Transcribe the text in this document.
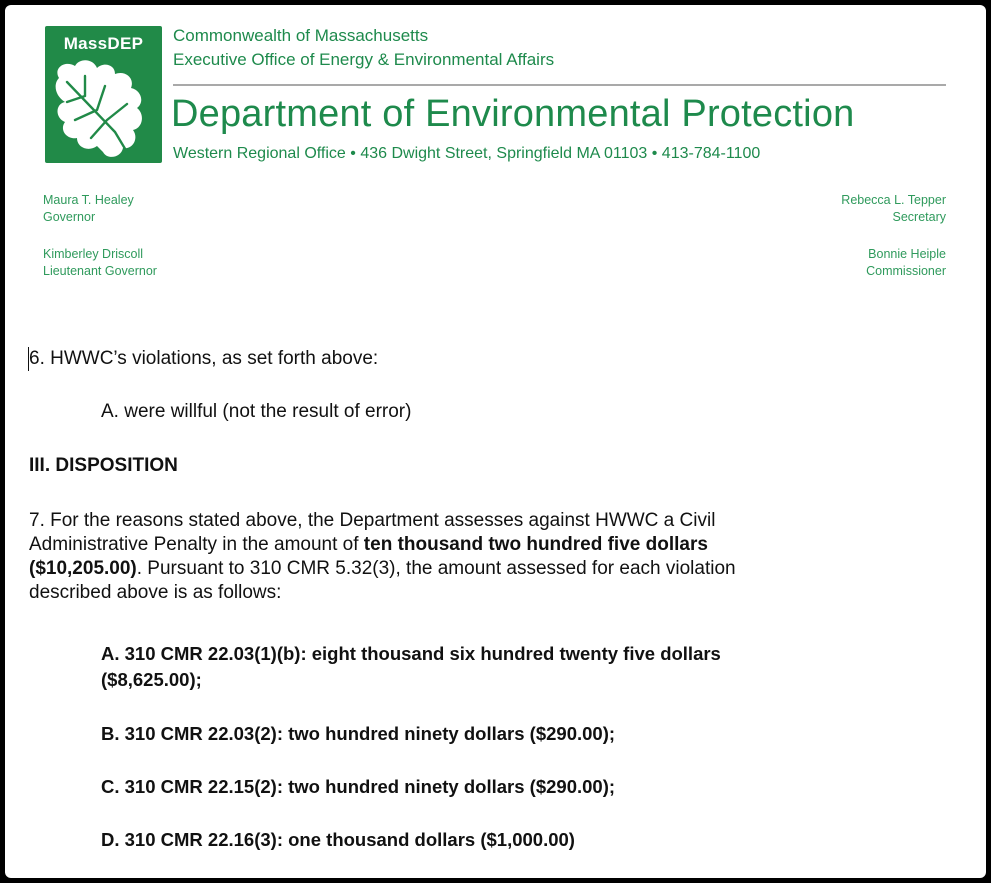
MassDEP	Commonwealth of Massachusetts
Executive Office of Energy & Environmental Affairs
Department of Environmental Protection
Western Regional Office • 436 Dwight Street, Springfield MA 01103 • 413-784-1100
Maura T. Healey
Governor
Kimberley Driscoll
Lieutenant Governor
Rebecca L. Tepper
Secretary
Bonnie Heiple
Commissioner
6. HWWC’s violations, as set forth above:
A. were willful (not the result of error)
III. DISPOSITION
7. For the reasons stated above, the Department assesses against HWWC a Civil
Administrative Penalty in the amount of ten thousand two hundred five dollars
($10,205.00). Pursuant to 310 CMR 5.32(3), the amount assessed for each violation
described above is as follows:
A. 310 CMR 22.03(1)(b): eight thousand six hundred twenty five dollars
($8,625.00);
B. 310 CMR 22.03(2): two hundred ninety dollars ($290.00);
C. 310 CMR 22.15(2): two hundred ninety dollars ($290.00);
D. 310 CMR 22.16(3): one thousand dollars ($1,000.00)
